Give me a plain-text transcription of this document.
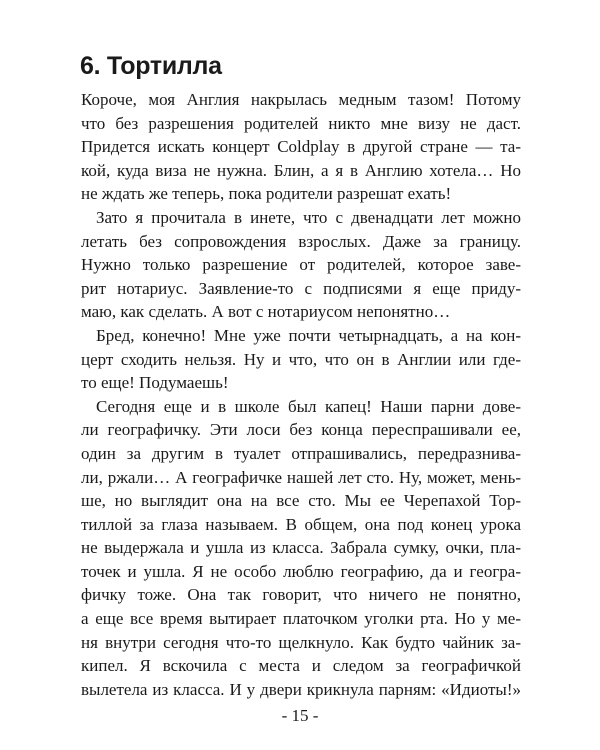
6. Тортилла
Короче, моя Англия накрылась медным тазом! Потому
что без разрешения родителей никто мне визу не даст.
Придется искать концерт Coldplay в другой стране — та-
кой, куда виза не нужна. Блин, а я в Англию хотела… Но
не ждать же теперь, пока родители разрешат ехать!
Зато я прочитала в инете, что с двенадцати лет можно
летать без сопровождения взрослых. Даже за границу.
Нужно только разрешение от родителей, которое заве-
рит нотариус. Заявление-то с подписями я еще приду-
маю, как сделать. А вот с нотариусом непонятно…
Бред, конечно! Мне уже почти четырнадцать, а на кон-
церт сходить нельзя. Ну и что, что он в Англии или где-
то еще! Подумаешь!
Сегодня еще и в школе был капец! Наши парни дове-
ли географичку. Эти лоси без конца переспрашивали ее,
один за другим в туалет отпрашивались, передразнива-
ли, ржали… А географичке нашей лет сто. Ну, может, мень-
ше, но выглядит она на все сто. Мы ее Черепахой Тор-
тиллой за глаза называем. В общем, она под конец урока
не выдержала и ушла из класса. Забрала сумку, очки, пла-
точек и ушла. Я не особо люблю географию, да и геогра-
фичку тоже. Она так говорит, что ничего не понятно,
а еще все время вытирает платочком уголки рта. Но у ме-
ня внутри сегодня что-то щелкнуло. Как будто чайник за-
кипел. Я вскочила с места и следом за географичкой
вылетела из класса. И у двери крикнула парням: «Идиоты!»
- 15 -
